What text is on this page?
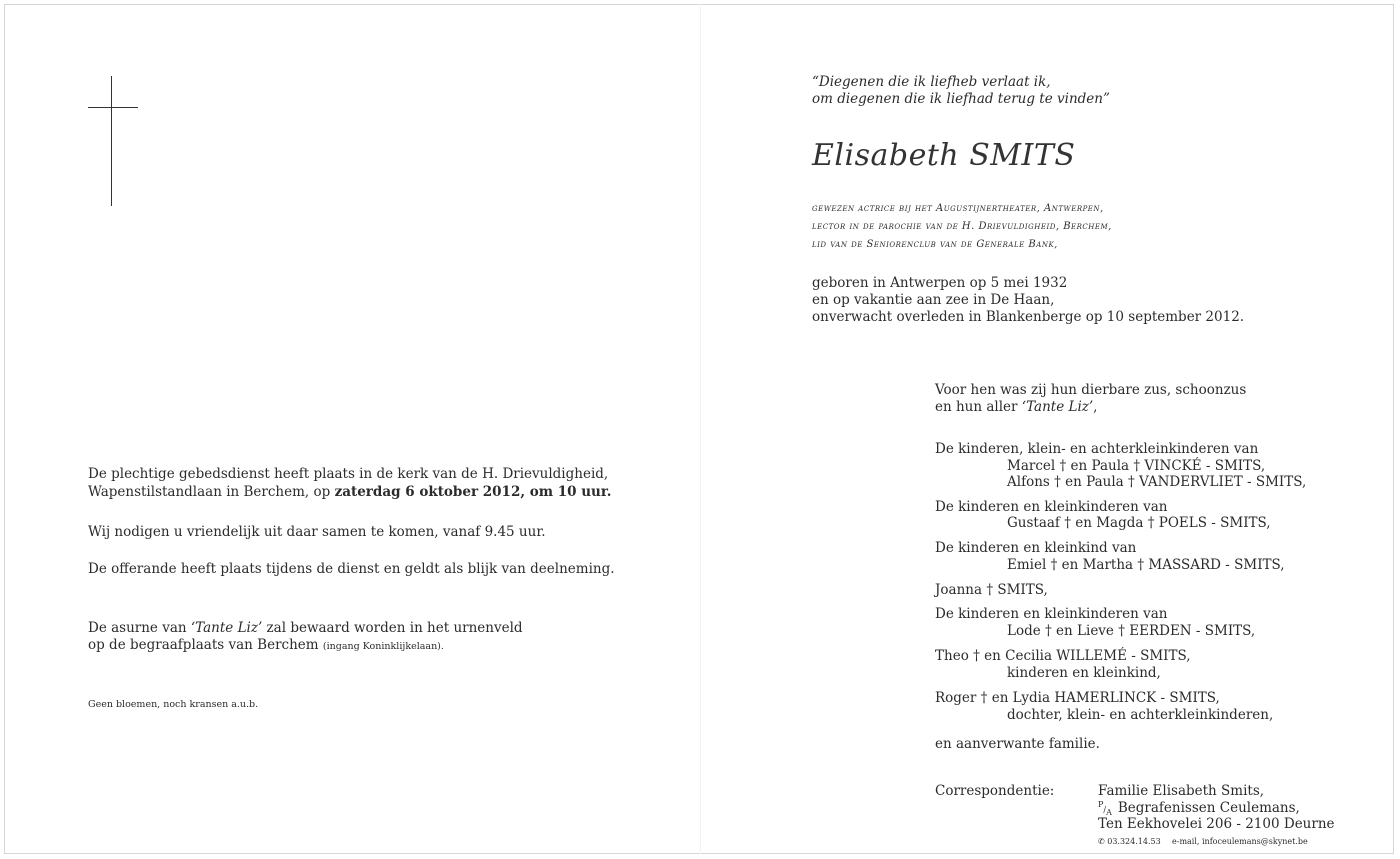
“Diegenen die ik liefheb verlaat ik,
om diegenen die ik liefhad terug te vinden”
Elisabeth SMITS
gewezen actrice bij het Augustijnertheater, Antwerpen,
lector in de parochie van de H. Drievuldigheid, Berchem,
lid van de Seniorenclub van de Generale Bank,
geboren in Antwerpen op 5 mei 1932
en op vakantie aan zee in De Haan,
onverwacht overleden in Blankenberge op 10 september 2012.
Voor hen was zij hun dierbare zus, schoonzus
en hun aller ‘Tante Liz’,
De kinderen, klein- en achterkleinkinderen van
Marcel † en Paula † VINCKÉ - SMITS,
Alfons † en Paula † VANDERVLIET - SMITS,
De kinderen en kleinkinderen van
Gustaaf † en Magda † POELS - SMITS,
De kinderen en kleinkind van
Emiel † en Martha † MASSARD - SMITS,
Joanna † SMITS,
De kinderen en kleinkinderen van
Lode † en Lieve † EERDEN - SMITS,
Theo † en Cecilia WILLEMÉ - SMITS,
kinderen en kleinkind,
Roger † en Lydia HAMERLINCK - SMITS,
dochter, klein- en achterkleinkinderen,
en aanverwante familie.
Correspondentie:	Familie Elisabeth Smits,
$^P/_A$ Begrafenissen Ceulemans,
Ten Eekhovelei 206 - 2100 Deurne
✆ 03.324.14.53 e-mail, infoceulemans@skynet.be
De plechtige gebedsdienst heeft plaats in de kerk van de H. Drievuldigheid,
Wapenstilstandlaan in Berchem, op zaterdag 6 oktober 2012, om 10 uur.
Wij nodigen u vriendelijk uit daar samen te komen, vanaf 9.45 uur.
De offerande heeft plaats tijdens de dienst en geldt als blijk van deelneming.
De asurne van ‘Tante Liz’ zal bewaard worden in het urnenveld
op de begraafplaats van Berchem (ingang Koninklijkelaan).
Geen bloemen, noch kransen a.u.b.
